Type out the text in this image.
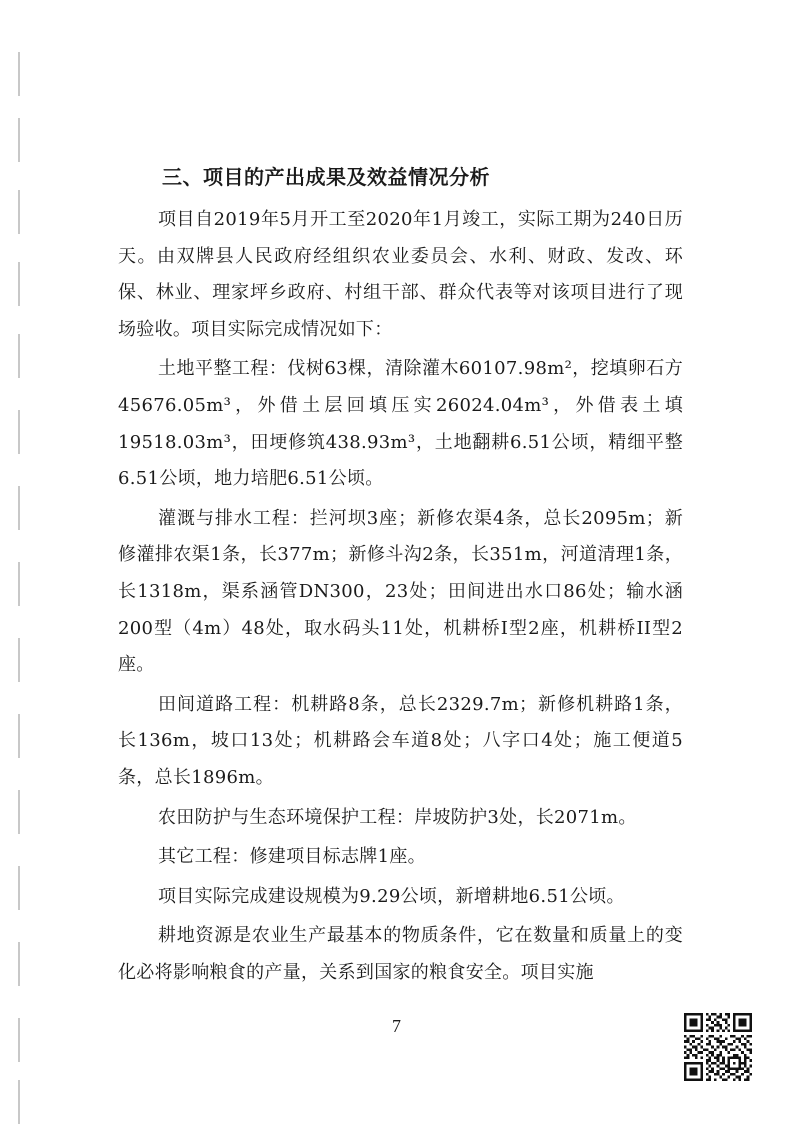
三、项目的产出成果及效益情况分析

项目自2019年5月开工至2020年1月竣工，实际工期为240日历天。由双牌县人民政府经组织农业委员会、水利、财政、发改、环保、林业、理家坪乡政府、村组干部、群众代表等对该项目进行了现场验收。项目实际完成情况如下：

土地平整工程：伐树63棵，清除灌木60107.98m²，挖填卵石方45676.05m³，外借土层回填压实26024.04m³，外借表土填19518.03m³，田埂修筑438.93m³，土地翻耕6.51公顷，精细平整6.51公顷，地力培肥6.51公顷。

灌溉与排水工程：拦河坝3座；新修农渠4条，总长2095m；新修灌排农渠1条，长377m；新修斗沟2条，长351m，河道清理1条，长1318m，渠系涵管DN300，23处；田间进出水口86处；输水涵200型（4m）48处，取水码头11处，机耕桥I型2座，机耕桥II型2座。

田间道路工程：机耕路8条，总长2329.7m；新修机耕路1条，长136m，坡口13处；机耕路会车道8处；八字口4处；施工便道5条，总长1896m。

农田防护与生态环境保护工程：岸坡防护3处，长2071m。

其它工程：修建项目标志牌1座。

项目实际完成建设规模为9.29公顷，新增耕地6.51公顷。

耕地资源是农业生产最基本的物质条件，它在数量和质量上的变化必将影响粮食的产量，关系到国家的粮食安全。项目实施

7
